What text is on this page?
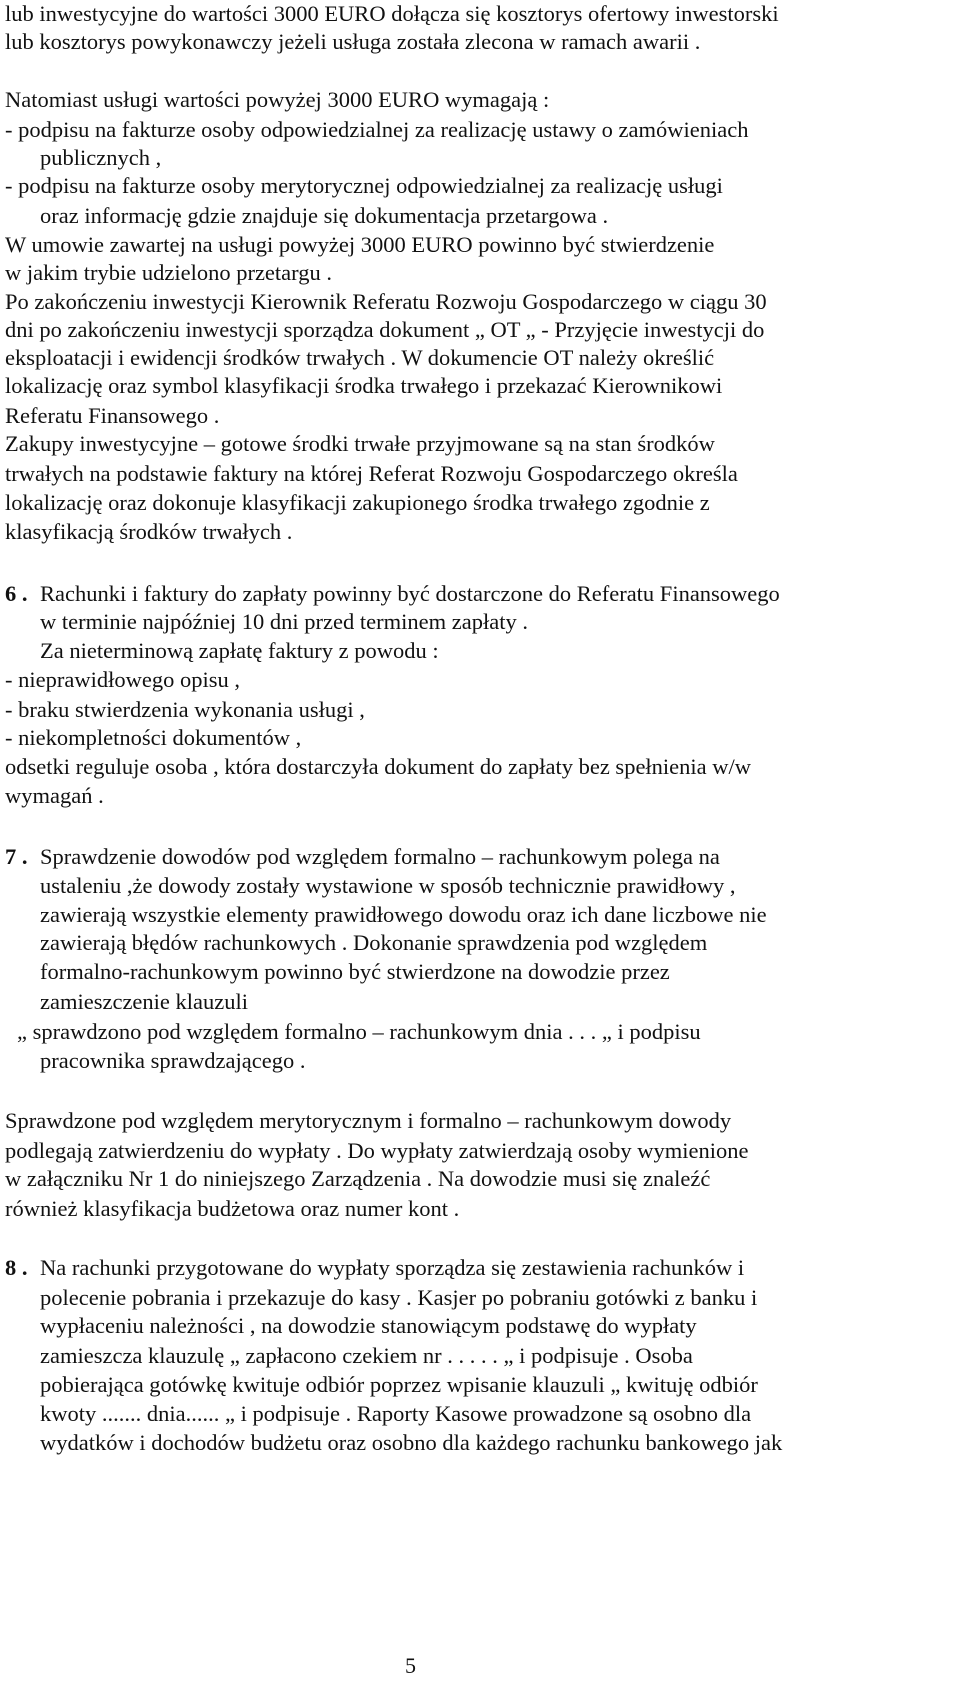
lub inwestycyjne do wartości 3000 EURO dołącza się kosztorys ofertowy inwestorski
lub kosztorys powykonawczy jeżeli usługa została zlecona w ramach awarii .
Natomiast usługi wartości powyżej 3000 EURO wymagają :
- podpisu na fakturze osoby odpowiedzialnej za realizację ustawy o zamówieniach
publicznych ,
- podpisu na fakturze osoby merytorycznej odpowiedzialnej za realizację usługi
oraz informację gdzie znajduje się dokumentacja przetargowa .
W umowie zawartej na usługi powyżej 3000 EURO powinno być stwierdzenie
w jakim trybie udzielono przetargu .
Po zakończeniu inwestycji Kierownik Referatu Rozwoju Gospodarczego w ciągu 30
dni po zakończeniu inwestycji sporządza dokument „ OT „ - Przyjęcie inwestycji do
eksploatacji i ewidencji środków trwałych . W dokumencie OT należy określić
lokalizację oraz symbol klasyfikacji środka trwałego i przekazać Kierownikowi
Referatu Finansowego .
Zakupy inwestycyjne – gotowe środki trwałe przyjmowane są na stan środków
trwałych na podstawie faktury na której Referat Rozwoju Gospodarczego określa
lokalizację oraz dokonuje klasyfikacji zakupionego środka trwałego zgodnie z
klasyfikacją środków trwałych .
6 . Rachunki i faktury do zapłaty powinny być dostarczone do Referatu Finansowego
w terminie najpóźniej 10 dni przed terminem zapłaty .
Za nieterminową zapłatę faktury z powodu :
- nieprawidłowego opisu ,
- braku stwierdzenia wykonania usługi ,
- niekompletności dokumentów ,
odsetki reguluje osoba , która dostarczyła dokument do zapłaty bez spełnienia w/w
wymagań .
7 . Sprawdzenie dowodów pod względem formalno – rachunkowym polega na
ustaleniu ,że dowody zostały wystawione w sposób technicznie prawidłowy ,
zawierają wszystkie elementy prawidłowego dowodu oraz ich dane liczbowe nie
zawierają błędów rachunkowych . Dokonanie sprawdzenia pod względem
formalno-rachunkowym powinno być stwierdzone na dowodzie przez
zamieszczenie klauzuli
„ sprawdzono pod względem formalno – rachunkowym dnia . . . „ i podpisu
pracownika sprawdzającego .
Sprawdzone pod względem merytorycznym i formalno – rachunkowym dowody
podlegają zatwierdzeniu do wypłaty . Do wypłaty zatwierdzają osoby wymienione
w załączniku Nr 1 do niniejszego Zarządzenia . Na dowodzie musi się znaleźć
również klasyfikacja budżetowa oraz numer kont .
8 . Na rachunki przygotowane do wypłaty sporządza się zestawienia rachunków i
polecenie pobrania i przekazuje do kasy . Kasjer po pobraniu gotówki z banku i
wypłaceniu należności , na dowodzie stanowiącym podstawę do wypłaty
zamieszcza klauzulę „ zapłacono czekiem nr . . . . . „ i podpisuje . Osoba
pobierająca gotówkę kwituje odbiór poprzez wpisanie klauzuli „ kwituję odbiór
kwoty ....... dnia...... „ i podpisuje . Raporty Kasowe prowadzone są osobno dla
wydatków i dochodów budżetu oraz osobno dla każdego rachunku bankowego jak
5
